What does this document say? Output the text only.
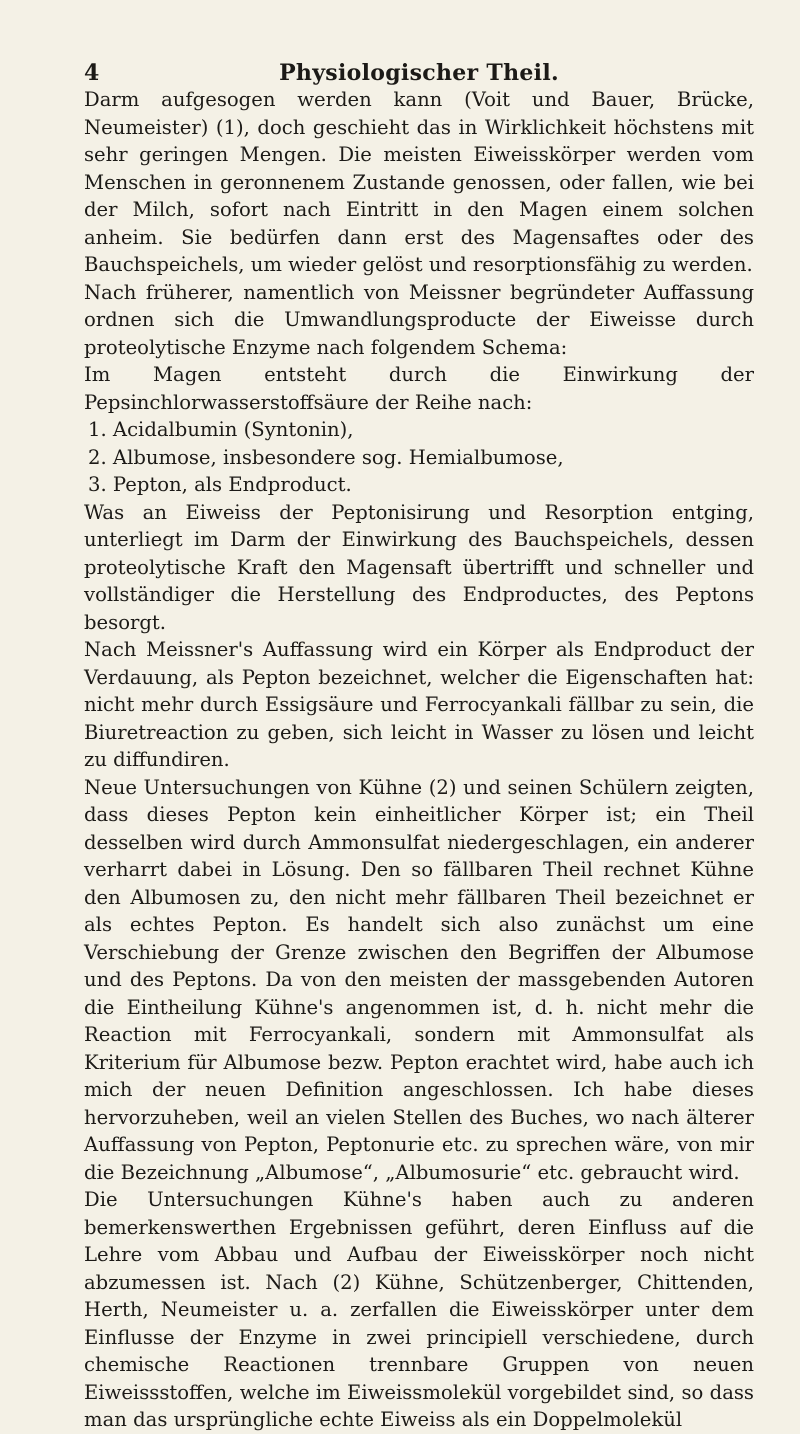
4	Physiologischer Theil.

Darm aufgesogen werden kann (Voit und Bauer, Brücke, Neumeister) (1), doch geschieht das in Wirklichkeit höchstens mit sehr geringen Mengen. Die meisten Eiweisskörper werden vom Menschen in geronnenem Zustande genossen, oder fallen, wie bei der Milch, sofort nach Eintritt in den Magen einem solchen anheim. Sie bedürfen dann erst des Magensaftes oder des Bauchspeichels, um wieder gelöst und resorptionsfähig zu werden.

Nach früherer, namentlich von Meissner begründeter Auffassung ordnen sich die Umwandlungsproducte der Eiweisse durch proteolytische Enzyme nach folgendem Schema:

Im Magen entsteht durch die Einwirkung der Pepsinchlorwasserstoffsäure der Reihe nach:

1. Acidalbumin (Syntonin),

2. Albumose, insbesondere sog. Hemialbumose,

3. Pepton, als Endproduct.

Was an Eiweiss der Peptonisirung und Resorption entging, unterliegt im Darm der Einwirkung des Bauchspeichels, dessen proteolytische Kraft den Magensaft übertrifft und schneller und vollständiger die Herstellung des Endproductes, des Peptons besorgt.

Nach Meissner's Auffassung wird ein Körper als Endproduct der Verdauung, als Pepton bezeichnet, welcher die Eigenschaften hat: nicht mehr durch Essigsäure und Ferrocyankali fällbar zu sein, die Biuretreaction zu geben, sich leicht in Wasser zu lösen und leicht zu diffundiren.

Neue Untersuchungen von Kühne (2) und seinen Schülern zeigten, dass dieses Pepton kein einheitlicher Körper ist; ein Theil desselben wird durch Ammonsulfat niedergeschlagen, ein anderer verharrt dabei in Lösung. Den so fällbaren Theil rechnet Kühne den Albumosen zu, den nicht mehr fällbaren Theil bezeichnet er als echtes Pepton. Es handelt sich also zunächst um eine Verschiebung der Grenze zwischen den Begriffen der Albumose und des Peptons. Da von den meisten der massgebenden Autoren die Eintheilung Kühne's angenommen ist, d. h. nicht mehr die Reaction mit Ferrocyankali, sondern mit Ammonsulfat als Kriterium für Albumose bezw. Pepton erachtet wird, habe auch ich mich der neuen Definition angeschlossen. Ich habe dieses hervorzuheben, weil an vielen Stellen des Buches, wo nach älterer Auffassung von Pepton, Peptonurie etc. zu sprechen wäre, von mir die Bezeichnung „Albumose“, „Albumosurie“ etc. gebraucht wird.

Die Untersuchungen Kühne's haben auch zu anderen bemerkenswerthen Ergebnissen geführt, deren Einfluss auf die Lehre vom Abbau und Aufbau der Eiweisskörper noch nicht abzumessen ist. Nach (2) Kühne, Schützenberger, Chittenden, Herth, Neumeister u. a. zerfallen die Eiweisskörper unter dem Einflusse der Enzyme in zwei principiell verschiedene, durch chemische Reactionen trennbare Gruppen von neuen Eiweissstoffen, welche im Eiweissmolekül vorgebildet sind, so dass man das ursprüngliche echte Eiweiss als ein Doppelmolekül
